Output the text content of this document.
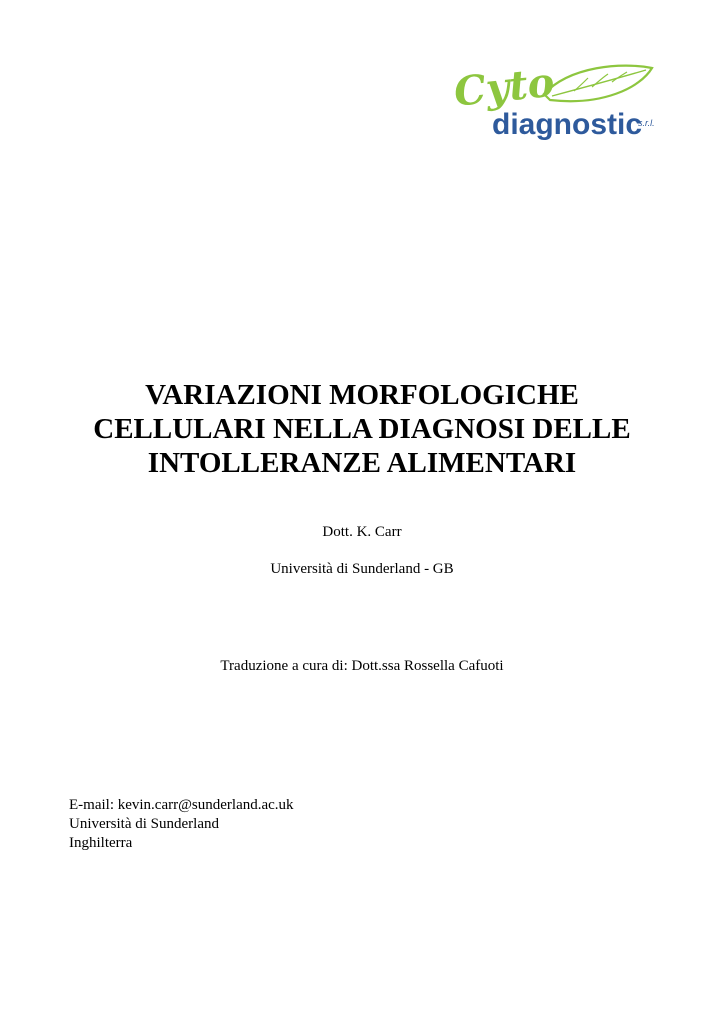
Cyto
diagnostic
s.r.l.
VARIAZIONI MORFOLOGICHE
CELLULARI NELLA DIAGNOSI DELLE
INTOLLERANZE ALIMENTARI
Dott. K. Carr
Università di Sunderland - GB
Traduzione a cura di: Dott.ssa Rossella Cafuoti
E-mail: kevin.carr@sunderland.ac.uk
Università di Sunderland
Inghilterra
